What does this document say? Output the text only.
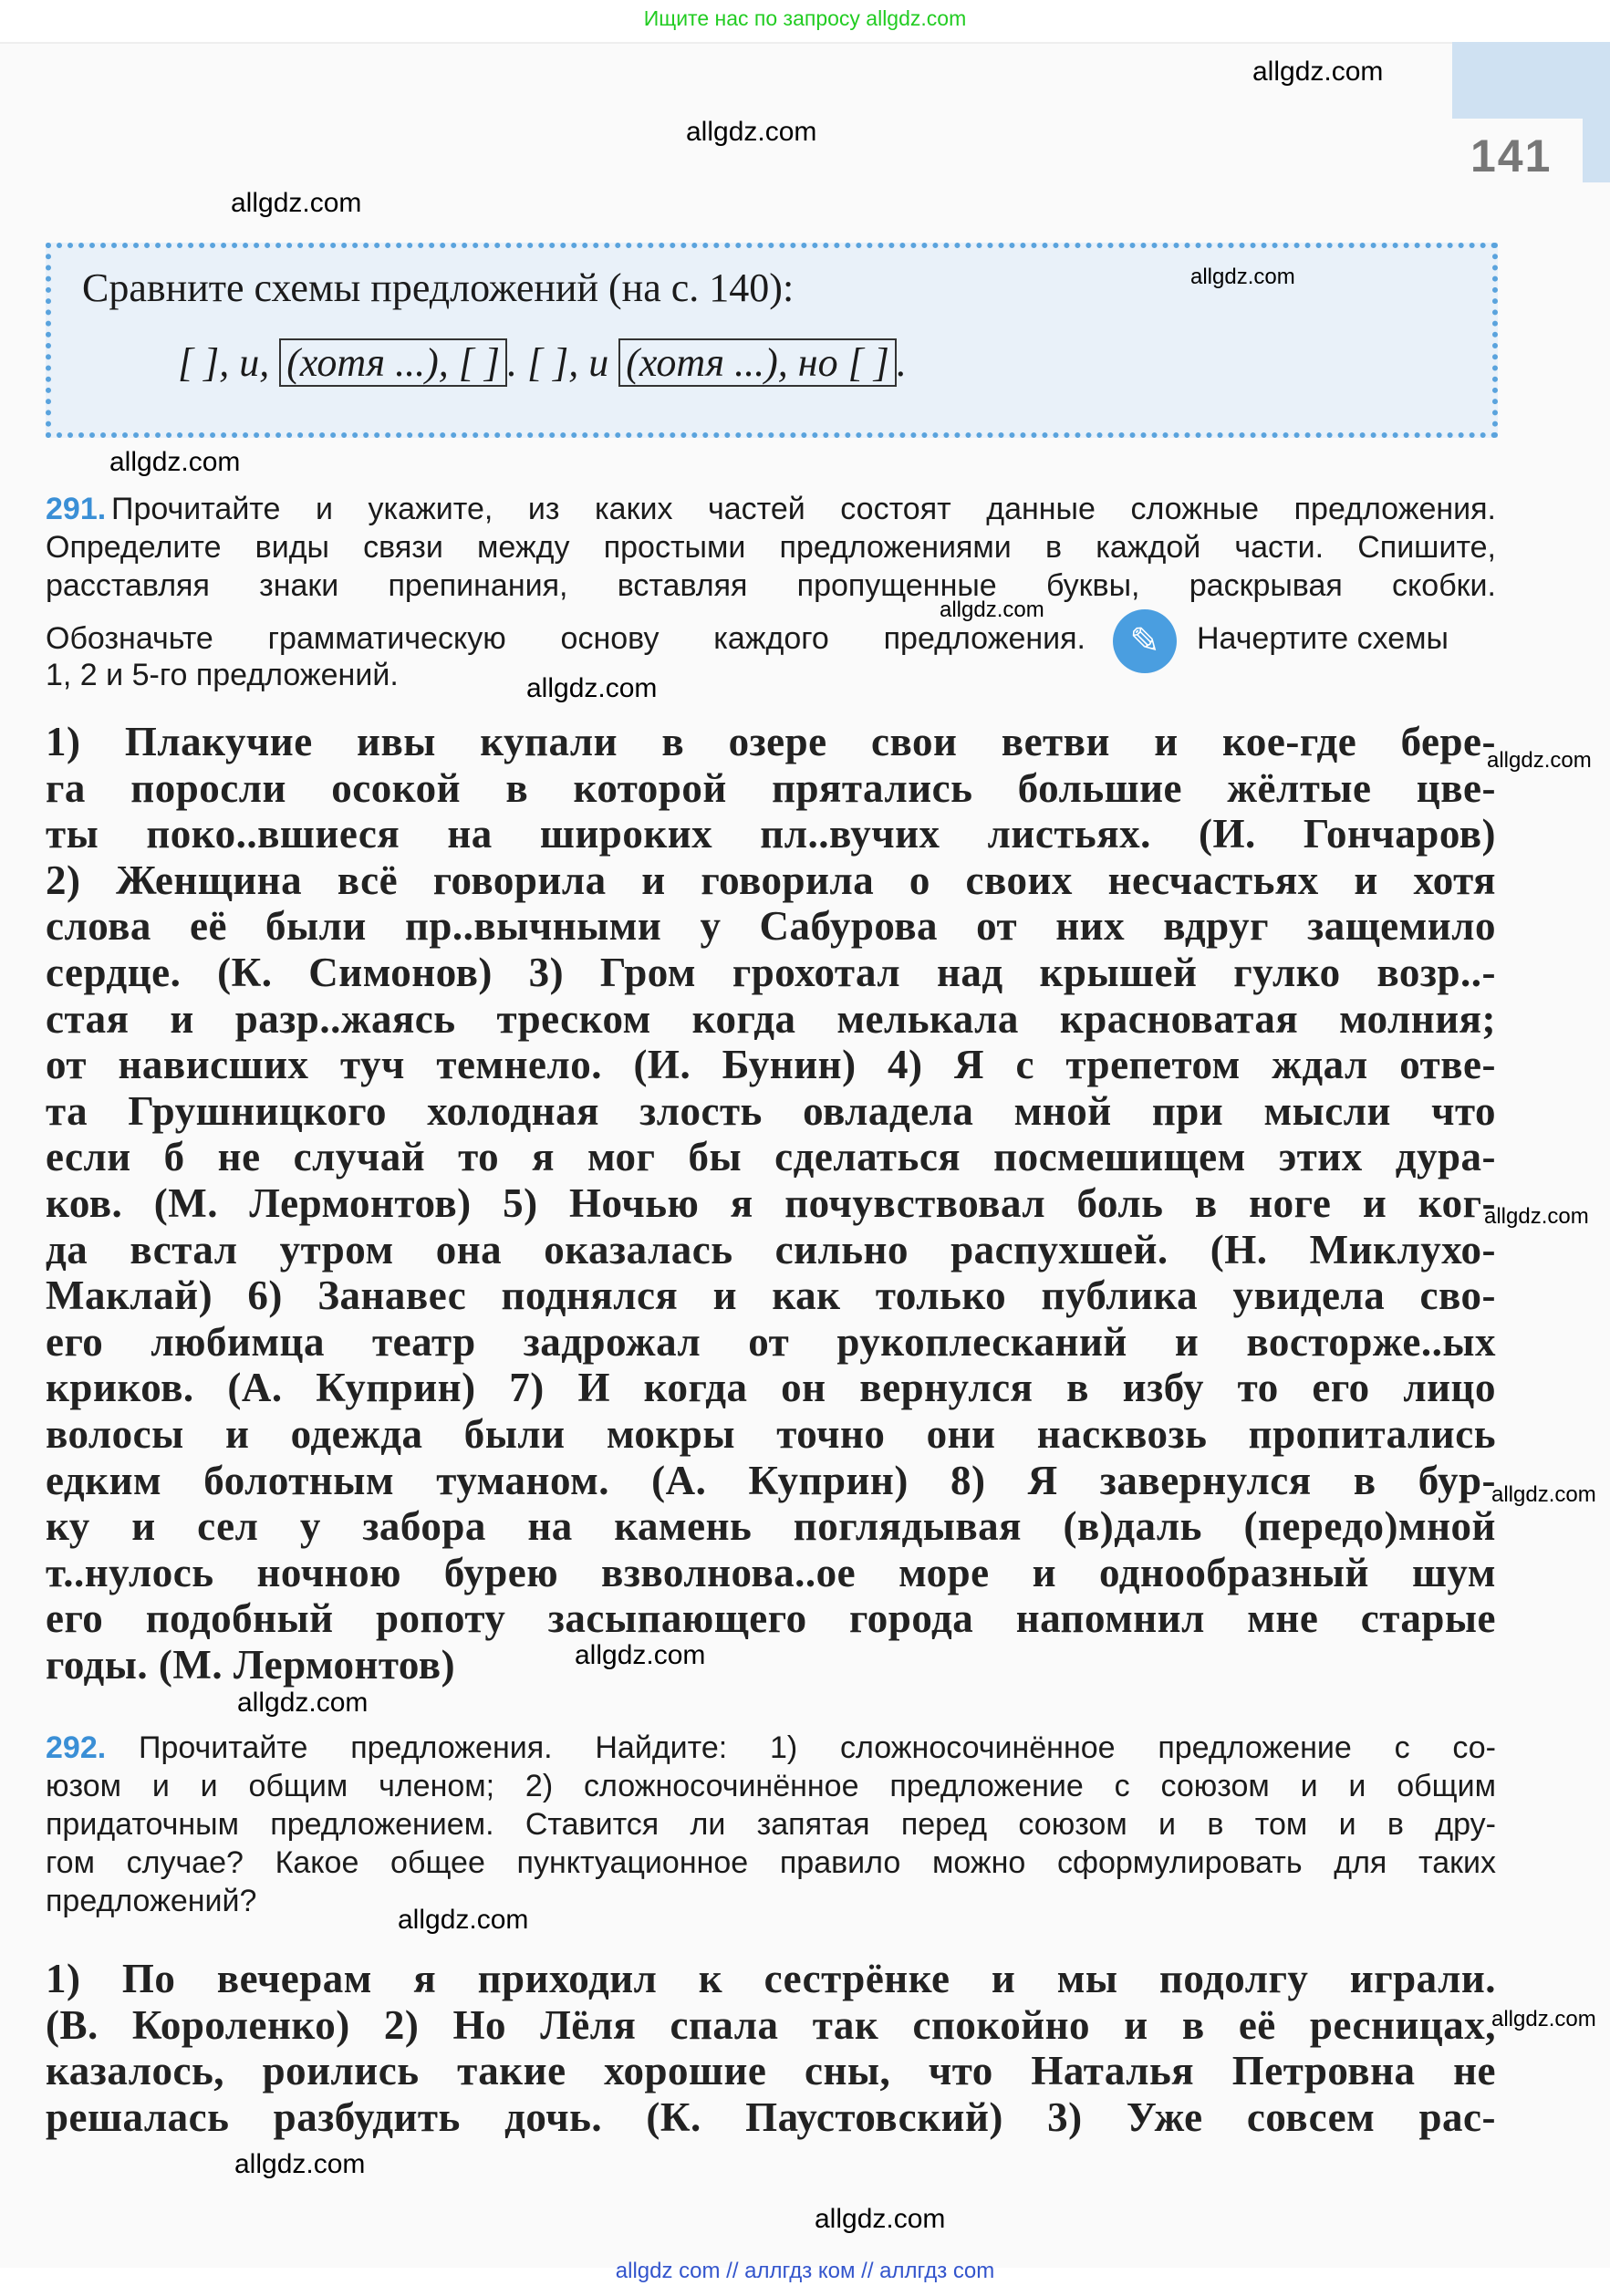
Ищите нас по запросу allgdz.com
141
Сравните схемы предложений (на с. 140):
[ ], и, (хотя ...), [ ] . [ ], и (хотя ...), но [ ] .
✎
allgdz com // аллгдз ком // аллгдз com
291. Прочитайте и укажите, из каких частей состоят данные сложные предложения.
Определите виды связи между простыми предложениями в каждой части. Спишите,
расставляя знаки препинания, вставляя пропущенные буквы, раскрывая скобки.
Обозначьте грамматическую основу каждого предложения.	Начертите схемы
1, 2 и 5-го предложений.
1) Плакучие ивы купали в озере свои ветви и кое-где бере-
га поросли осокой в которой прятались большие жёлтые цве-
ты поко..вшиеся на широких пл..вучих листьях. (И. Гончаров)
2) Женщина всё говорила и говорила о своих несчастьях и хотя
слова её были пр..вычными у Сабурова от них вдруг защемило
сердце. (К. Симонов) 3) Гром грохотал над крышей гулко возр..-
стая и разр..жаясь треском когда мелькала красноватая молния;
от нависших туч темнело. (И. Бунин) 4) Я с трепетом ждал отве-
та Грушницкого холодная злость овладела мной при мысли что
если б не случай то я мог бы сделаться посмешищем этих дура-
ков. (М. Лермонтов) 5) Ночью я почувствовал боль в ноге и ког-
да встал утром она оказалась сильно распухшей. (Н. Миклухо-
Маклай) 6) Занавес поднялся и как только публика увидела сво-
его любимца театр задрожал от рукоплесканий и восторже..ых
криков. (А. Куприн) 7) И когда он вернулся в избу то его лицо
волосы и одежда были мокры точно они насквозь пропитались
едким болотным туманом. (А. Куприн) 8) Я завернулся в бур-
ку и сел у забора на камень поглядывая (в)даль (передо)мной
т..нулось ночною бурею взволнова..ое море и однообразный шум
его подобный ропоту засыпающего города напомнил мне старые
годы. (М. Лермонтов)
292.	Прочитайте предложения. Найдите: 1) сложносочинённое предложение с со-
юзом и и общим членом; 2) сложносочинённое предложение с союзом и и общим
придаточным предложением. Ставится ли запятая перед союзом и в том и в дру-
гом случае? Какое общее пунктуационное правило можно сформулировать для таких
предложений?
1) По вечерам я приходил к сестрёнке и мы подолгу играли.
(В. Короленко) 2) Но Лёля спала так спокойно и в её ресницах,
казалось, роились такие хорошие сны, что Наталья Петровна не
решалась разбудить дочь. (К. Паустовский) 3) Уже совсем рас-
allgdz.com
allgdz.com
allgdz.com
allgdz.com
allgdz.com
allgdz.com
allgdz.com
allgdz.com
allgdz.com
allgdz.com
allgdz.com
allgdz.com
allgdz.com
allgdz.com
allgdz.com
allgdz.com
